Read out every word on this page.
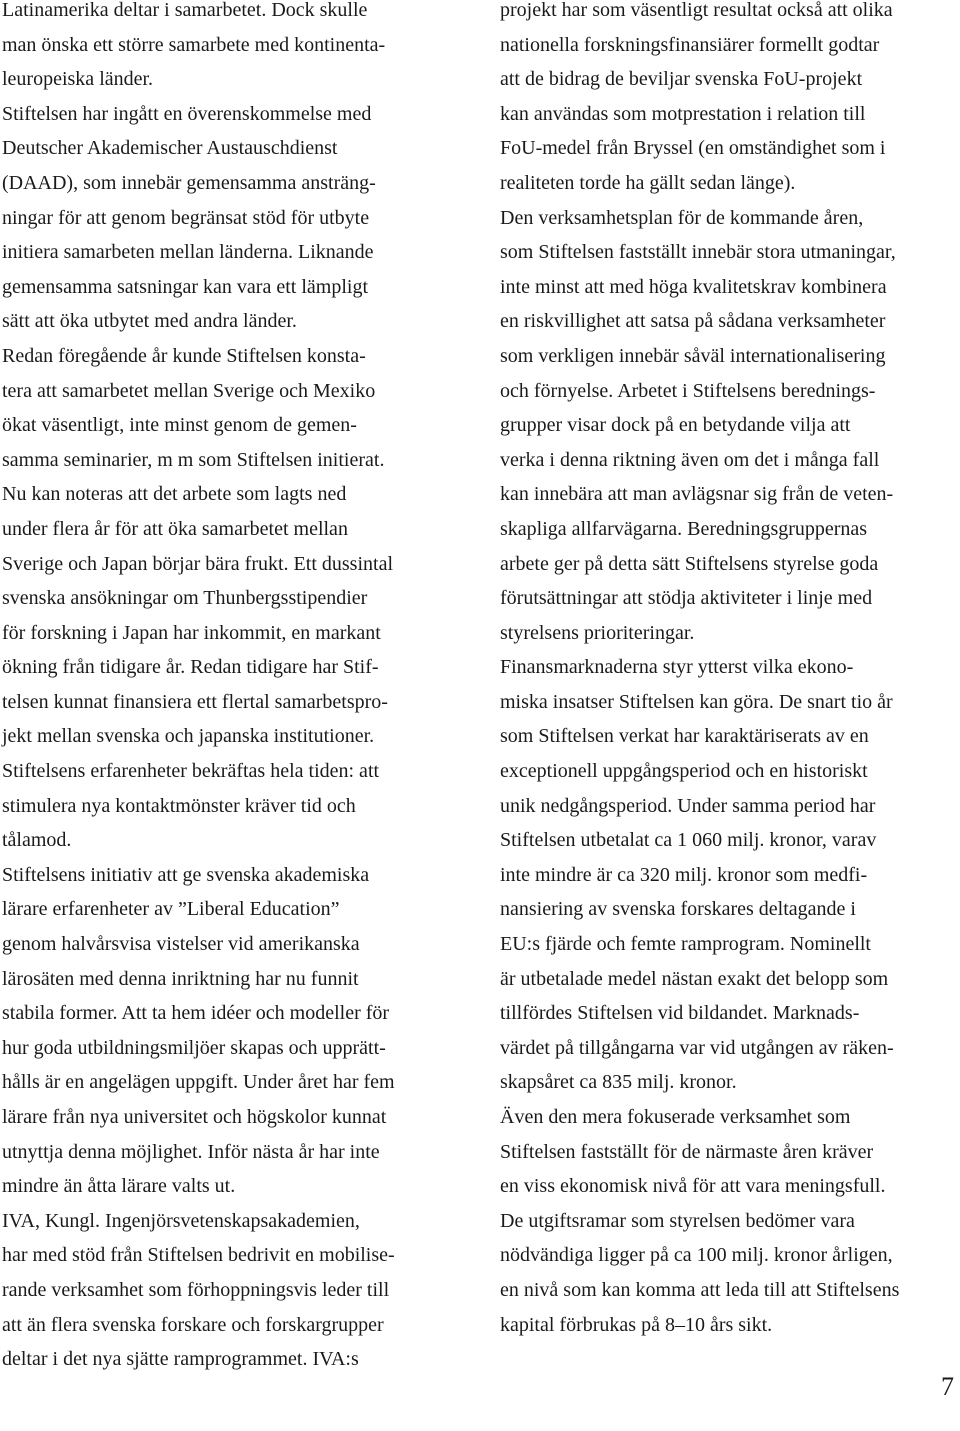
Latinamerika deltar i samarbetet. Dock skulle
man önska ett större samarbete med kontinenta-
leuropeiska länder.

Stiftelsen har ingått en överenskommelse med
Deutscher Akademischer Austauschdienst
(DAAD), som innebär gemensamma ansträng-
ningar för att genom begränsat stöd för utbyte
initiera samarbeten mellan länderna. Liknande
gemensamma satsningar kan vara ett lämpligt
sätt att öka utbytet med andra länder.

Redan föregående år kunde Stiftelsen konsta-
tera att samarbetet mellan Sverige och Mexiko
ökat väsentligt, inte minst genom de gemen-
samma seminarier, m m som Stiftelsen initierat.
Nu kan noteras att det arbete som lagts ned
under flera år för att öka samarbetet mellan
Sverige och Japan börjar bära frukt. Ett dussintal
svenska ansökningar om Thunbergsstipendier
för forskning i Japan har inkommit, en markant
ökning från tidigare år. Redan tidigare har Stif-
telsen kunnat finansiera ett flertal samarbetspro-
jekt mellan svenska och japanska institutioner.
Stiftelsens erfarenheter bekräftas hela tiden: att
stimulera nya kontaktmönster kräver tid och
tålamod.

Stiftelsens initiativ att ge svenska akademiska
lärare erfarenheter av ”Liberal Education”
genom halvårsvisa vistelser vid amerikanska
lärosäten med denna inriktning har nu funnit
stabila former. Att ta hem idéer och modeller för
hur goda utbildningsmiljöer skapas och upprätt-
hålls är en angelägen uppgift. Under året har fem
lärare från nya universitet och högskolor kunnat
utnyttja denna möjlighet. Inför nästa år har inte
mindre än åtta lärare valts ut.

IVA, Kungl. Ingenjörsvetenskapsakademien,
har med stöd från Stiftelsen bedrivit en mobilise-
rande verksamhet som förhoppningsvis leder till
att än flera svenska forskare och forskargrupper
deltar i det nya sjätte ramprogrammet. IVA:s

projekt har som väsentligt resultat också att olika
nationella forskningsfinansiärer formellt godtar
att de bidrag de beviljar svenska FoU-projekt
kan användas som motprestation i relation till
FoU-medel från Bryssel (en omständighet som i
realiteten torde ha gällt sedan länge).

Den verksamhetsplan för de kommande åren,
som Stiftelsen fastställt innebär stora utmaningar,
inte minst att med höga kvalitetskrav kombinera
en riskvillighet att satsa på sådana verksamheter
som verkligen innebär såväl internationalisering
och förnyelse. Arbetet i Stiftelsens berednings-
grupper visar dock på en betydande vilja att
verka i denna riktning även om det i många fall
kan innebära att man avlägsnar sig från de veten-
skapliga allfarvägarna. Beredningsgruppernas
arbete ger på detta sätt Stiftelsens styrelse goda
förutsättningar att stödja aktiviteter i linje med
styrelsens prioriteringar.

Finansmarknaderna styr ytterst vilka ekono-
miska insatser Stiftelsen kan göra. De snart tio år
som Stiftelsen verkat har karaktäriserats av en
exceptionell uppgångsperiod och en historiskt
unik nedgångsperiod. Under samma period har
Stiftelsen utbetalat ca 1 060 milj. kronor, varav
inte mindre är ca 320 milj. kronor som medfi-
nansiering av svenska forskares deltagande i
EU:s fjärde och femte ramprogram. Nominellt
är utbetalade medel nästan exakt det belopp som
tillfördes Stiftelsen vid bildandet. Marknads-
värdet på tillgångarna var vid utgången av räken-
skapsåret ca 835 milj. kronor.

Även den mera fokuserade verksamhet som
Stiftelsen fastställt för de närmaste åren kräver
en viss ekonomisk nivå för att vara meningsfull.
De utgiftsramar som styrelsen bedömer vara
nödvändiga ligger på ca 100 milj. kronor årligen,
en nivå som kan komma att leda till att Stiftelsens
kapital förbrukas på 8–10 års sikt.

7
